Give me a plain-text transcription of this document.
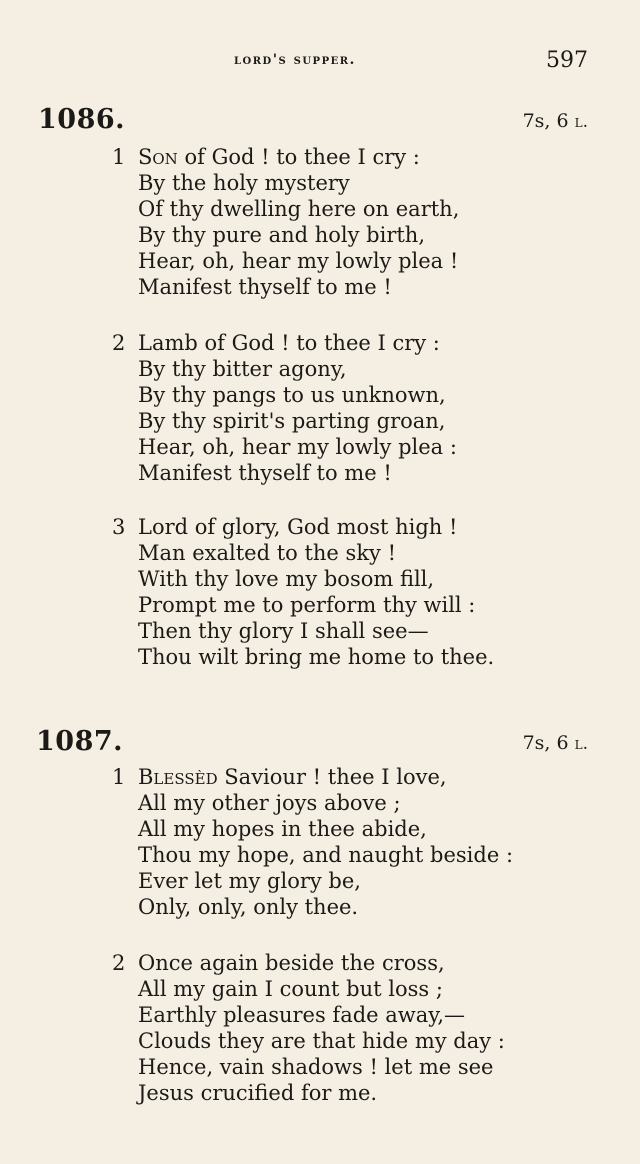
lord's supper.	597
1086.	7s, 6 l.
1 Son of God ! to thee I cry :
By the holy mystery
Of thy dwelling here on earth,
By thy pure and holy birth,
Hear, oh, hear my lowly plea !
Manifest thyself to me !
2 Lamb of God ! to thee I cry :
By thy bitter agony,
By thy pangs to us unknown,
By thy spirit's parting groan,
Hear, oh, hear my lowly plea :
Manifest thyself to me !
3 Lord of glory, God most high !
Man exalted to the sky !
With thy love my bosom fill,
Prompt me to perform thy will :
Then thy glory I shall see—
Thou wilt bring me home to thee.
1087.	7s, 6 l.
1 Blessèd Saviour ! thee I love,
All my other joys above ;
All my hopes in thee abide,
Thou my hope, and naught beside :
Ever let my glory be,
Only, only, only thee.
2 Once again beside the cross,
All my gain I count but loss ;
Earthly pleasures fade away,—
Clouds they are that hide my day :
Hence, vain shadows ! let me see
Jesus crucified for me.
